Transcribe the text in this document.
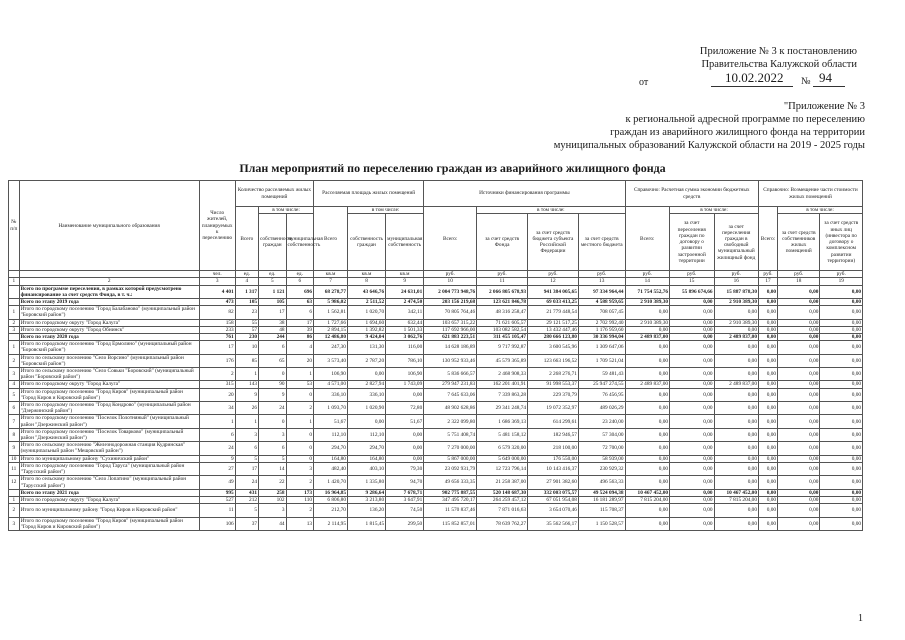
Приложение № 3 к постановлению
Правительства Калужской области
от	10.02.2022 № 94
"Приложение № 3
к региональной адресной программе по переселению
граждан из аварийного жилищного фонда на территории
муниципальных образований Калужской области на 2019 - 2025 годы
План мероприятий по переселению граждан из аварийного жилищного фонда
№ п/п	Наименование муниципального образования	Число жителей, планируемых к переселению	Количество расселяемых жилых помещений			Расселяемая площадь жилых помещений			Источники финансирования программы				Справочно: Расчетная сумма экономии бюджетных средств			Справочно: Возмещение части стоимости жилых помещений		
			Всего	в том числе:		Всего	в том числе:		Всего:	в том числе:			Всего:	в том числе:		Всего:	в том числе:	
				собственность граждан	муниципальная собственность		собственность граждан	муниципальная собственность		за счет средств Фонда	за счет средств бюджета субъекта Российской Федерации	за счет средств местного бюджета		за счет переселения граждан по договору о развитии застроенной территории	за счет переселения граждан в свободный муниципальный жилищный фонд		за счет средств собственников жилых помещений	за счет средств иных лиц (инвестора по договору о комплексном развитии территории)
		чел.	ед.	ед.	ед.	кв.м	кв.м	кв.м	руб.	руб.	руб.	руб.	руб.	руб.	руб.	руб.	руб.	руб.
1	2	3	4	5	6	7	8	9	10	11	12	13	14	15	16	17	18	19
	Всего по программе переселения, в рамках которой предусмотрено финансирование за счет средств Фонда, в т. ч.:	4 401	1 317	1 121	696	68 278,77	43 646,76	24 631,01	2 004 773 948,76	2 066 805 678,93	941 384 005,65	97 334 964,44	71 754 552,76	55 896 674,66	15 887 878,30	0,00	0,00	0,00
	Всего по этапу 2019 года	473	105	105	63	5 986,02	2 511,52	2 474,50	203 156 219,68	123 621 846,78	69 033 413,25	4 588 959,65	2 910 389,30	0,00	2 910 389,30	0,00	0,00	0,00
1	Итого по городскому поселению "Город Балабаново" (муниципальный район "Боровский район")	82	23	17	6	1 562,81	1 020,70	342,11	70 805 764,46	48 316 258,47	21 779 448,54	708 057,45	0,00	0,00	0,00	0,00	0,00	0,00
2	Итого по городскому округу "Город Калуга"	158	55	38	17	1 727,66	1 694,60	632,44	103 657 315,22	71 621 605,57	29 121 517,25	2 702 992,40	2 910 389,30	0,00	2 910 389,30	0,00	0,00	0,00
3	Итого по городскому округу "Город Обнинск"	233	57	48	39	2 894,15	1 392,82	1 501,33	117 692 966,00	103 082 582,54	13 432 447,46	1 176 959,60	0,00	0,00	0,00	0,00	0,00	0,00
	Всего по этапу 2020 года	761	230	244	86	12 486,80	9 424,04	3 062,76	621 883 223,51	311 455 105,47	280 666 123,80	30 336 994,04	2 489 837,00	0,00	2 489 837,00	0,00	0,00	0,00
1	Итого по городскому поселению "Город Ермолино" (муниципальный район "Боровский район")	17	10	6	4	247,30	131,30	116,00	14 628 186,89	9 717 992,87	3 600 545,96	1 309 647,06	0,00	0,00	0,00	0,00	0,00	0,00
2	Итого по сельскому поселению "Село Ворсино" (муниципальный район "Боровский район")	176	85	65	20	3 573,40	2 787,20	786,10	130 952 933,46	45 579 365,89	123 663 196,52	1 709 521,04	0,00	0,00	0,00	0,00	0,00	0,00
3	Итого по сельскому поселению "Село Совьки "Боровский" (муниципальный район "Боровский район")	2	1	0	1	106,90	0,00	106,90	5 836 666,57	2 468 908,33	2 268 276,71	59 481,43	0,00	0,00	0,00	0,00	0,00	0,00
4	Итого по городскому округу "Город Калуга"	315	143	90	53	4 571,00	2 827,94	1 743,09	279 947 231,83	162 201 401,91	91 998 553,37	25 947 274,55	2 489 837,00	0,00	2 489 837,00	0,00	0,00	0,00
5	Итого по городскому поселению "Город Киров" (муниципальный район "Город Киров и Кировский район")	20	9	9	0	336,10	336,10	0,00	7 645 633,06	7 339 863,28	229 370,79	76 456,95	0,00	0,00	0,00	0,00	0,00	0,00
6	Итого по городскому поселению "Город Кондрово" (муниципальный район "Дзержинский район")	34	26	24	2	1 093,70	1 020,90	72,80	48 902 628,86	29 341 248,74	19 072 352,97	489 026,29	0,00	0,00	0,00	0,00	0,00	0,00
7	Итого по городскому поселению "Поселок Полотняный" (муниципальный район "Дзержинский район")	1	1	0	1	51,67	0,00	51,67	2 322 099,80	1 686 369,13	614 299,61	23 240,00	0,00	0,00	0,00	0,00	0,00	0,00
8	Итого по городскому поселению "Поселок Товарково" (муниципальный район "Дзержинский район")	6	3	3	0	112,10	112,10	0,00	5 751 408,74	5 481 158,12	182 946,57	57 304,00	0,00	0,00	0,00	0,00	0,00	0,00
9	Итого по сельскому поселению "Железнодорожная станция Кудринская" (муниципальный район "Мещовский район")	24	6	6	0	294,70	294,70	0,00	7 270 000,00	6 579 320,00	218 100,00	72 700,00	0,00	0,00	0,00	0,00	0,00	0,00
10	Итого по муниципальному району "Сухиничский район"	9	5	5	0	164,80	164,80	0,00	5 867 000,00	5 649 000,00	176 550,00	58 939,00	0,00	0,00	0,00	0,00	0,00	0,00
11	Итого по городскому поселению "Город Таруса" (муниципальный район "Тарусский район")	27	17	14	3	482,40	403,10	79,30	23 092 931,79	12 723 796,14	10 143 416,37	230 929,32	0,00	0,00	0,00	0,00	0,00	0,00
12	Итого по сельскому поселению "Село Лопатино" (муниципальный район "Тарусский район")	49	24	22	2	1 420,70	1 335,80	94,70	49 656 333,35	21 258 387,00	27 901 382,60	496 563,33	0,00	0,00	0,00	0,00	0,00	0,00
	Всего по этапу 2021 года	995	431	258	173	16 964,85	9 286,64	7 678,71	902 775 887,55	520 148 687,30	332 003 075,57	49 524 094,38	10 467 452,00	0,00	10 467 452,00	0,00	0,00	0,00
1	Итого по городскому округу "Город Калуга"	527	212	102	110	6 806,80	3 213,80	3 647,91	347 495 720,17	264 259 457,12	67 051 954,08	16 181 289,97	7 815 204,00	0,00	7 815 204,00	0,00	0,00	0,00
2	Итого по муниципальному району "Город Киров и Кировский район"	11	5	3	2	212,70	136,20	74,50	11 570 837,46	7 871 016,63	3 654 070,46	115 708,37	0,00	0,00	0,00	0,00	0,00	0,00
3	Итого по городскому поселению "Город Киров" (муниципальный район "Город Киров и Кировский район")	106	37	44	13	2 114,95	1 815,45	299,50	115 852 857,01	78 639 762,27	35 562 566,17	1 150 528,57	0,00	0,00	0,00	0,00	0,00	0,00
1
